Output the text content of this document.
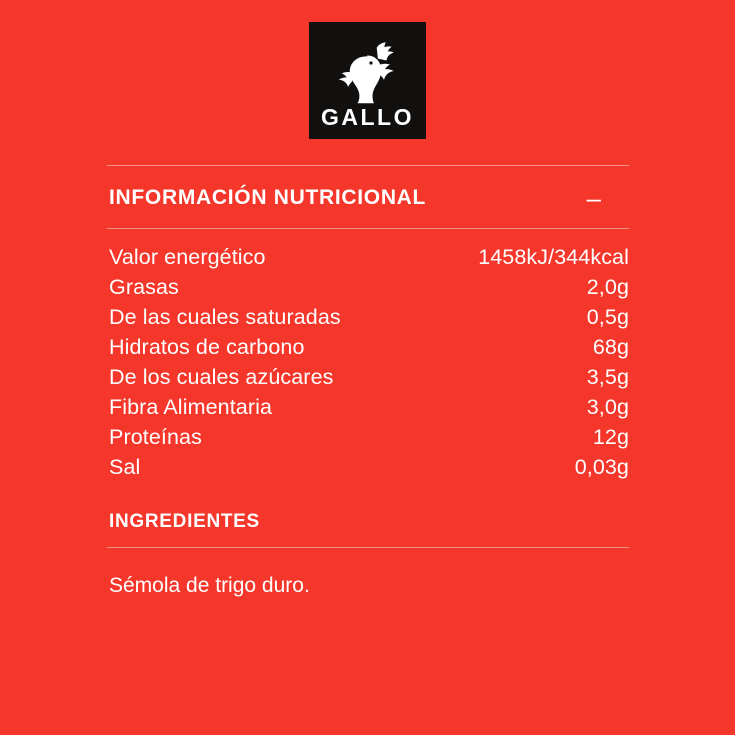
GALLO
INFORMACIÓN NUTRICIONAL	–
Valor energético	1458kJ/344kcal
Grasas	2,0g
De las cuales saturadas	0,5g
Hidratos de carbono	68g
De los cuales azúcares	3,5g
Fibra Alimentaria	3,0g
Proteínas	12g
Sal	0,03g
INGREDIENTES
Sémola de trigo duro.
